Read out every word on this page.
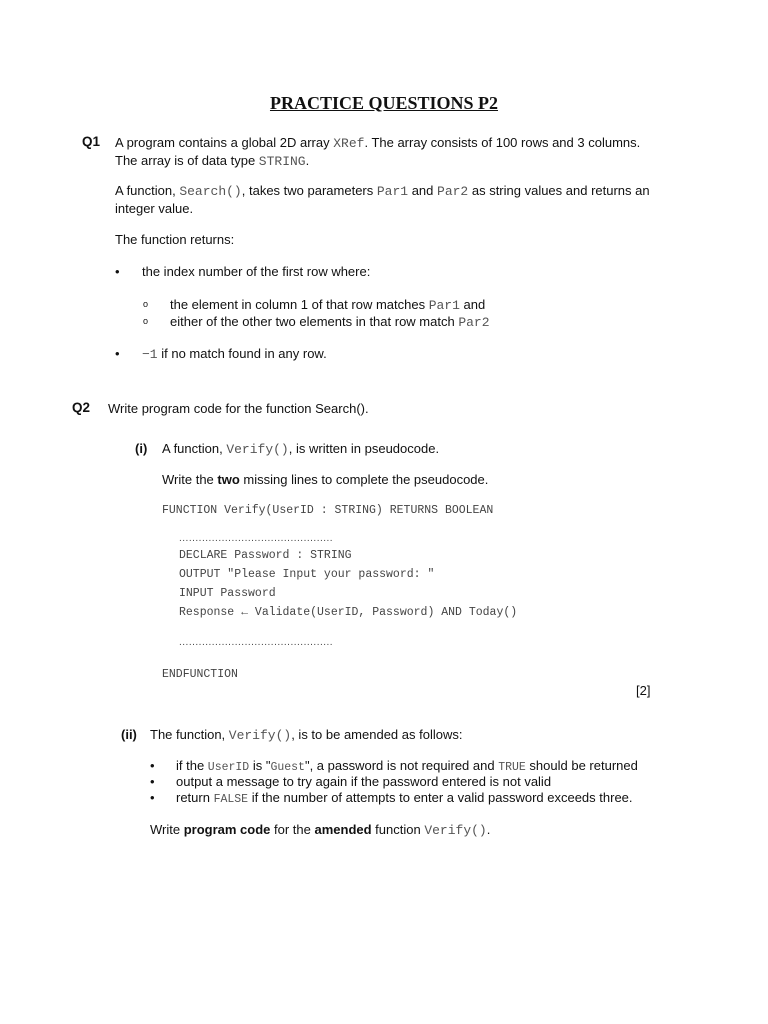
PRACTICE QUESTIONS P2
Q1 A program contains a global 2D array XRef. The array consists of 100 rows and 3 columns.
The array is of data type STRING.
A function, Search(), takes two parameters Par1 and Par2 as string values and returns an
integer value.
The function returns:
• the index number of the first row where:
o the element in column 1 of that row matches Par1 and
o either of the other two elements in that row match Par2
• −1 if no match found in any row.
Q2 Write program code for the function Search().
(i) A function, Verify(), is written in pseudocode.
Write the two missing lines to complete the pseudocode.
FUNCTION Verify(UserID : STRING) RETURNS BOOLEAN
...............................................
DECLARE Password : STRING
OUTPUT "Please Input your password: "
INPUT Password
Response ← Validate(UserID, Password) AND Today()
...............................................
ENDFUNCTION
[2]
(ii) The function, Verify(), is to be amended as follows:
• if the UserID is "Guest", a password is not required and TRUE should be returned
• output a message to try again if the password entered is not valid
• return FALSE if the number of attempts to enter a valid password exceeds three.
Write program code for the amended function Verify().
